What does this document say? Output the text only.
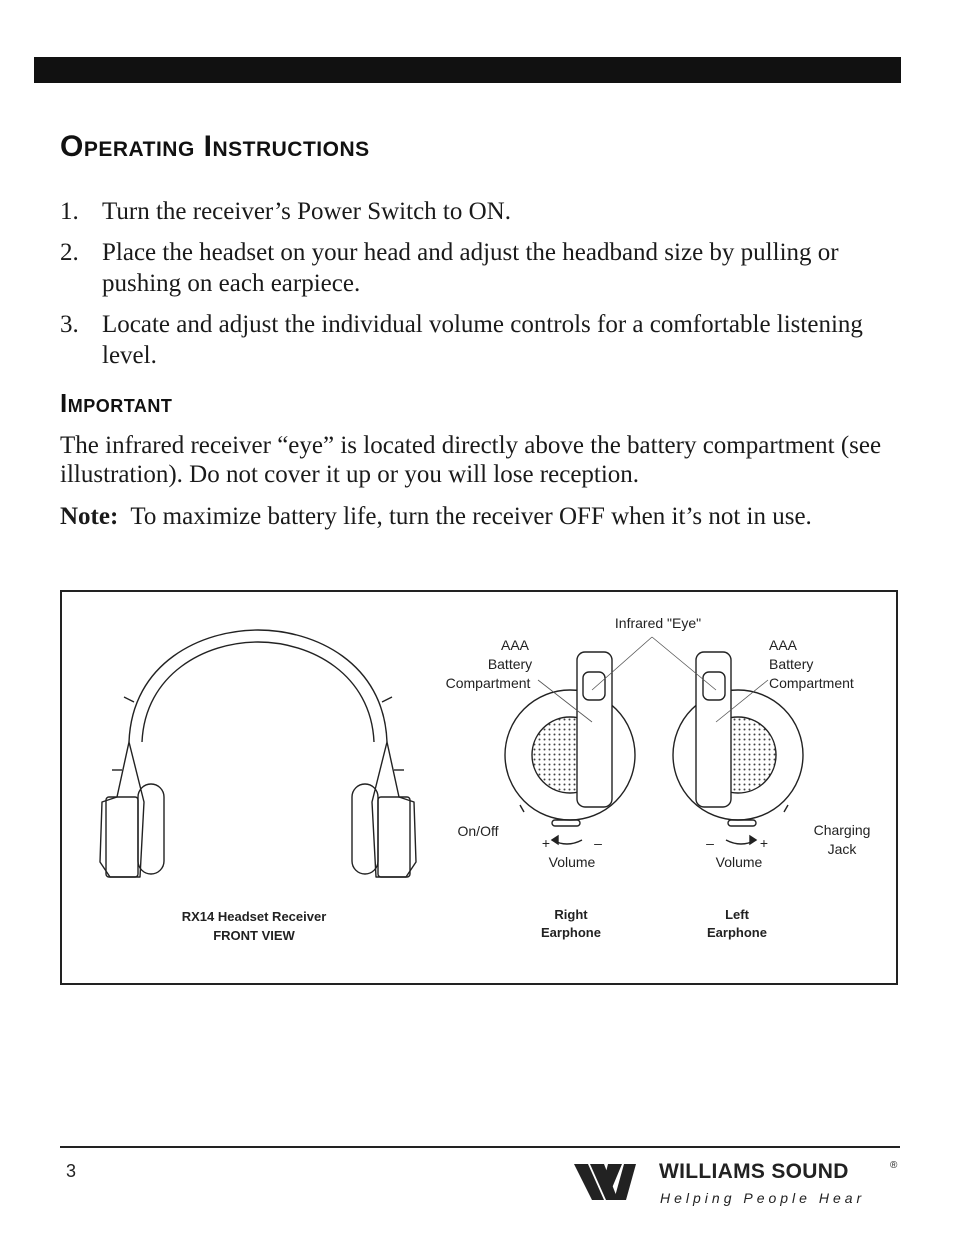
Operating Instructions
1. Turn the receiver’s Power Switch to ON.
2. Place the headset on your head and adjust the headband size by pulling or pushing on each earpiece.
3. Locate and adjust the individual volume controls for a comfortable listening level.
Important

The infrared receiver “eye” is located directly above the battery compartment (see illustration). Do not cover it up or you will lose reception.

Note: To maximize battery life, turn the receiver OFF when it’s not in use.

Infrared "Eye"
AAA
Battery
Compartment
AAA
Battery
Compartment
On/Off	Charging
Jack
+	–
Volume
–	+
Volume
RX14 Headset Receiver
FRONT VIEW
Right
Earphone
Left
Earphone
3	WILLIAMS SOUND	®
Helping People Hear
